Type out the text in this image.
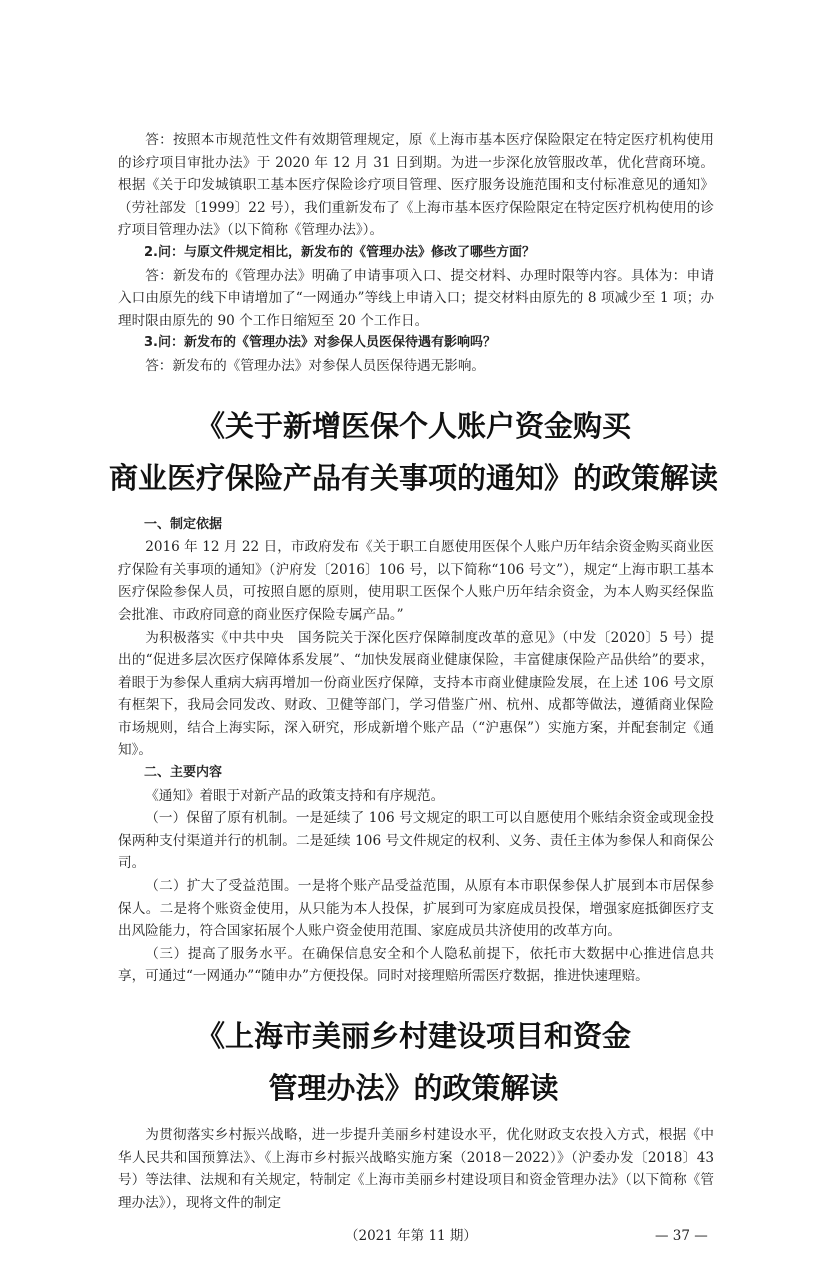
答：按照本市规范性文件有效期管理规定，原《上海市基本医疗保险限定在特定医疗机构使用的诊疗项目审批办法》于 2020 年 12 月 31 日到期。为进一步深化放管服改革，优化营商环境。根据《关于印发城镇职工基本医疗保险诊疗项目管理、医疗服务设施范围和支付标准意见的通知》（劳社部发〔1999〕22 号），我们重新发布了《上海市基本医疗保险限定在特定医疗机构使用的诊疗项目管理办法》（以下简称《管理办法》）。

2.问：与原文件规定相比，新发布的《管理办法》修改了哪些方面？

答：新发布的《管理办法》明确了申请事项入口、提交材料、办理时限等内容。具体为：申请入口由原先的线下申请增加了“一网通办”等线上申请入口；提交材料由原先的 8 项减少至 1 项；办理时限由原先的 90 个工作日缩短至 20 个工作日。

3.问：新发布的《管理办法》对参保人员医保待遇有影响吗？

答：新发布的《管理办法》对参保人员医保待遇无影响。

《关于新增医保个人账户资金购买
商业医疗保险产品有关事项的通知》的政策解读

一、制定依据

2016 年 12 月 22 日，市政府发布《关于职工自愿使用医保个人账户历年结余资金购买商业医疗保险有关事项的通知》（沪府发〔2016〕106 号，以下简称“106 号文”），规定“上海市职工基本医疗保险参保人员，可按照自愿的原则，使用职工医保个人账户历年结余资金，为本人购买经保监会批准、市政府同意的商业医疗保险专属产品。”

为积极落实《中共中央　国务院关于深化医疗保障制度改革的意见》（中发〔2020〕5 号）提出的“促进多层次医疗保障体系发展”、“加快发展商业健康保险，丰富健康保险产品供给”的要求，着眼于为参保人重病大病再增加一份商业医疗保障，支持本市商业健康险发展，在上述 106 号文原有框架下，我局会同发改、财政、卫健等部门，学习借鉴广州、杭州、成都等做法，遵循商业保险市场规则，结合上海实际，深入研究，形成新增个账产品（“沪惠保”）实施方案，并配套制定《通知》。

二、主要内容

《通知》着眼于对新产品的政策支持和有序规范。

（一）保留了原有机制。一是延续了 106 号文规定的职工可以自愿使用个账结余资金或现金投保两种支付渠道并行的机制。二是延续 106 号文件规定的权利、义务、责任主体为参保人和商保公司。

（二）扩大了受益范围。一是将个账产品受益范围，从原有本市职保参保人扩展到本市居保参保人。二是将个账资金使用，从只能为本人投保，扩展到可为家庭成员投保，增强家庭抵御医疗支出风险能力，符合国家拓展个人账户资金使用范围、家庭成员共济使用的改革方向。

（三）提高了服务水平。在确保信息安全和个人隐私前提下，依托市大数据中心推进信息共享，可通过“一网通办”“随申办”方便投保。同时对接理赔所需医疗数据，推进快速理赔。

《上海市美丽乡村建设项目和资金
管理办法》的政策解读

为贯彻落实乡村振兴战略，进一步提升美丽乡村建设水平，优化财政支农投入方式，根据《中华人民共和国预算法》、《上海市乡村振兴战略实施方案（2018－2022）》（沪委办发〔2018〕43 号）等法律、法规和有关规定，特制定《上海市美丽乡村建设项目和资金管理办法》（以下简称《管理办法》），现将文件的制定

（2021 年第 11 期）	— 37 —
